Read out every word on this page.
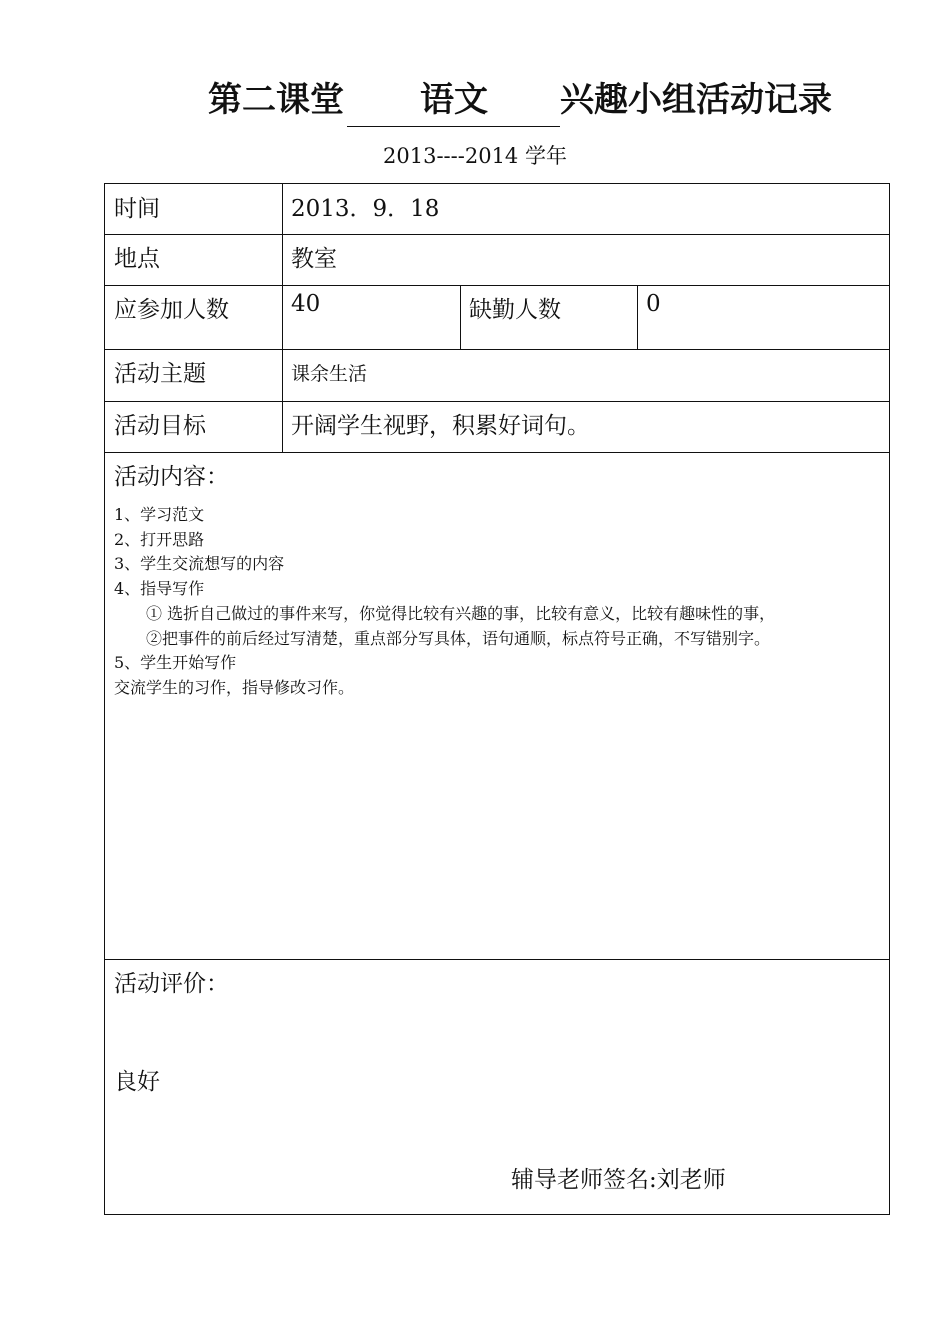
第二课堂 语文 兴趣小组活动记录
2013----2014 学年
时间	2013．9．18
地点	教室
应参加人数	40	缺勤人数	0
活动主题	课余生活
活动目标	开阔学生视野，积累好词句。
活动内容：
1、学习范文
2、打开思路
3、学生交流想写的内容
4、指导写作
① 选折自己做过的事件来写，你觉得比较有兴趣的事，比较有意义，比较有趣味性的事，
②把事件的前后经过写清楚，重点部分写具体，语句通顺，标点符号正确，不写错别字。
5、学生开始写作
交流学生的习作，指导修改习作。
活动评价：
良好
辅导老师签名:刘老师
